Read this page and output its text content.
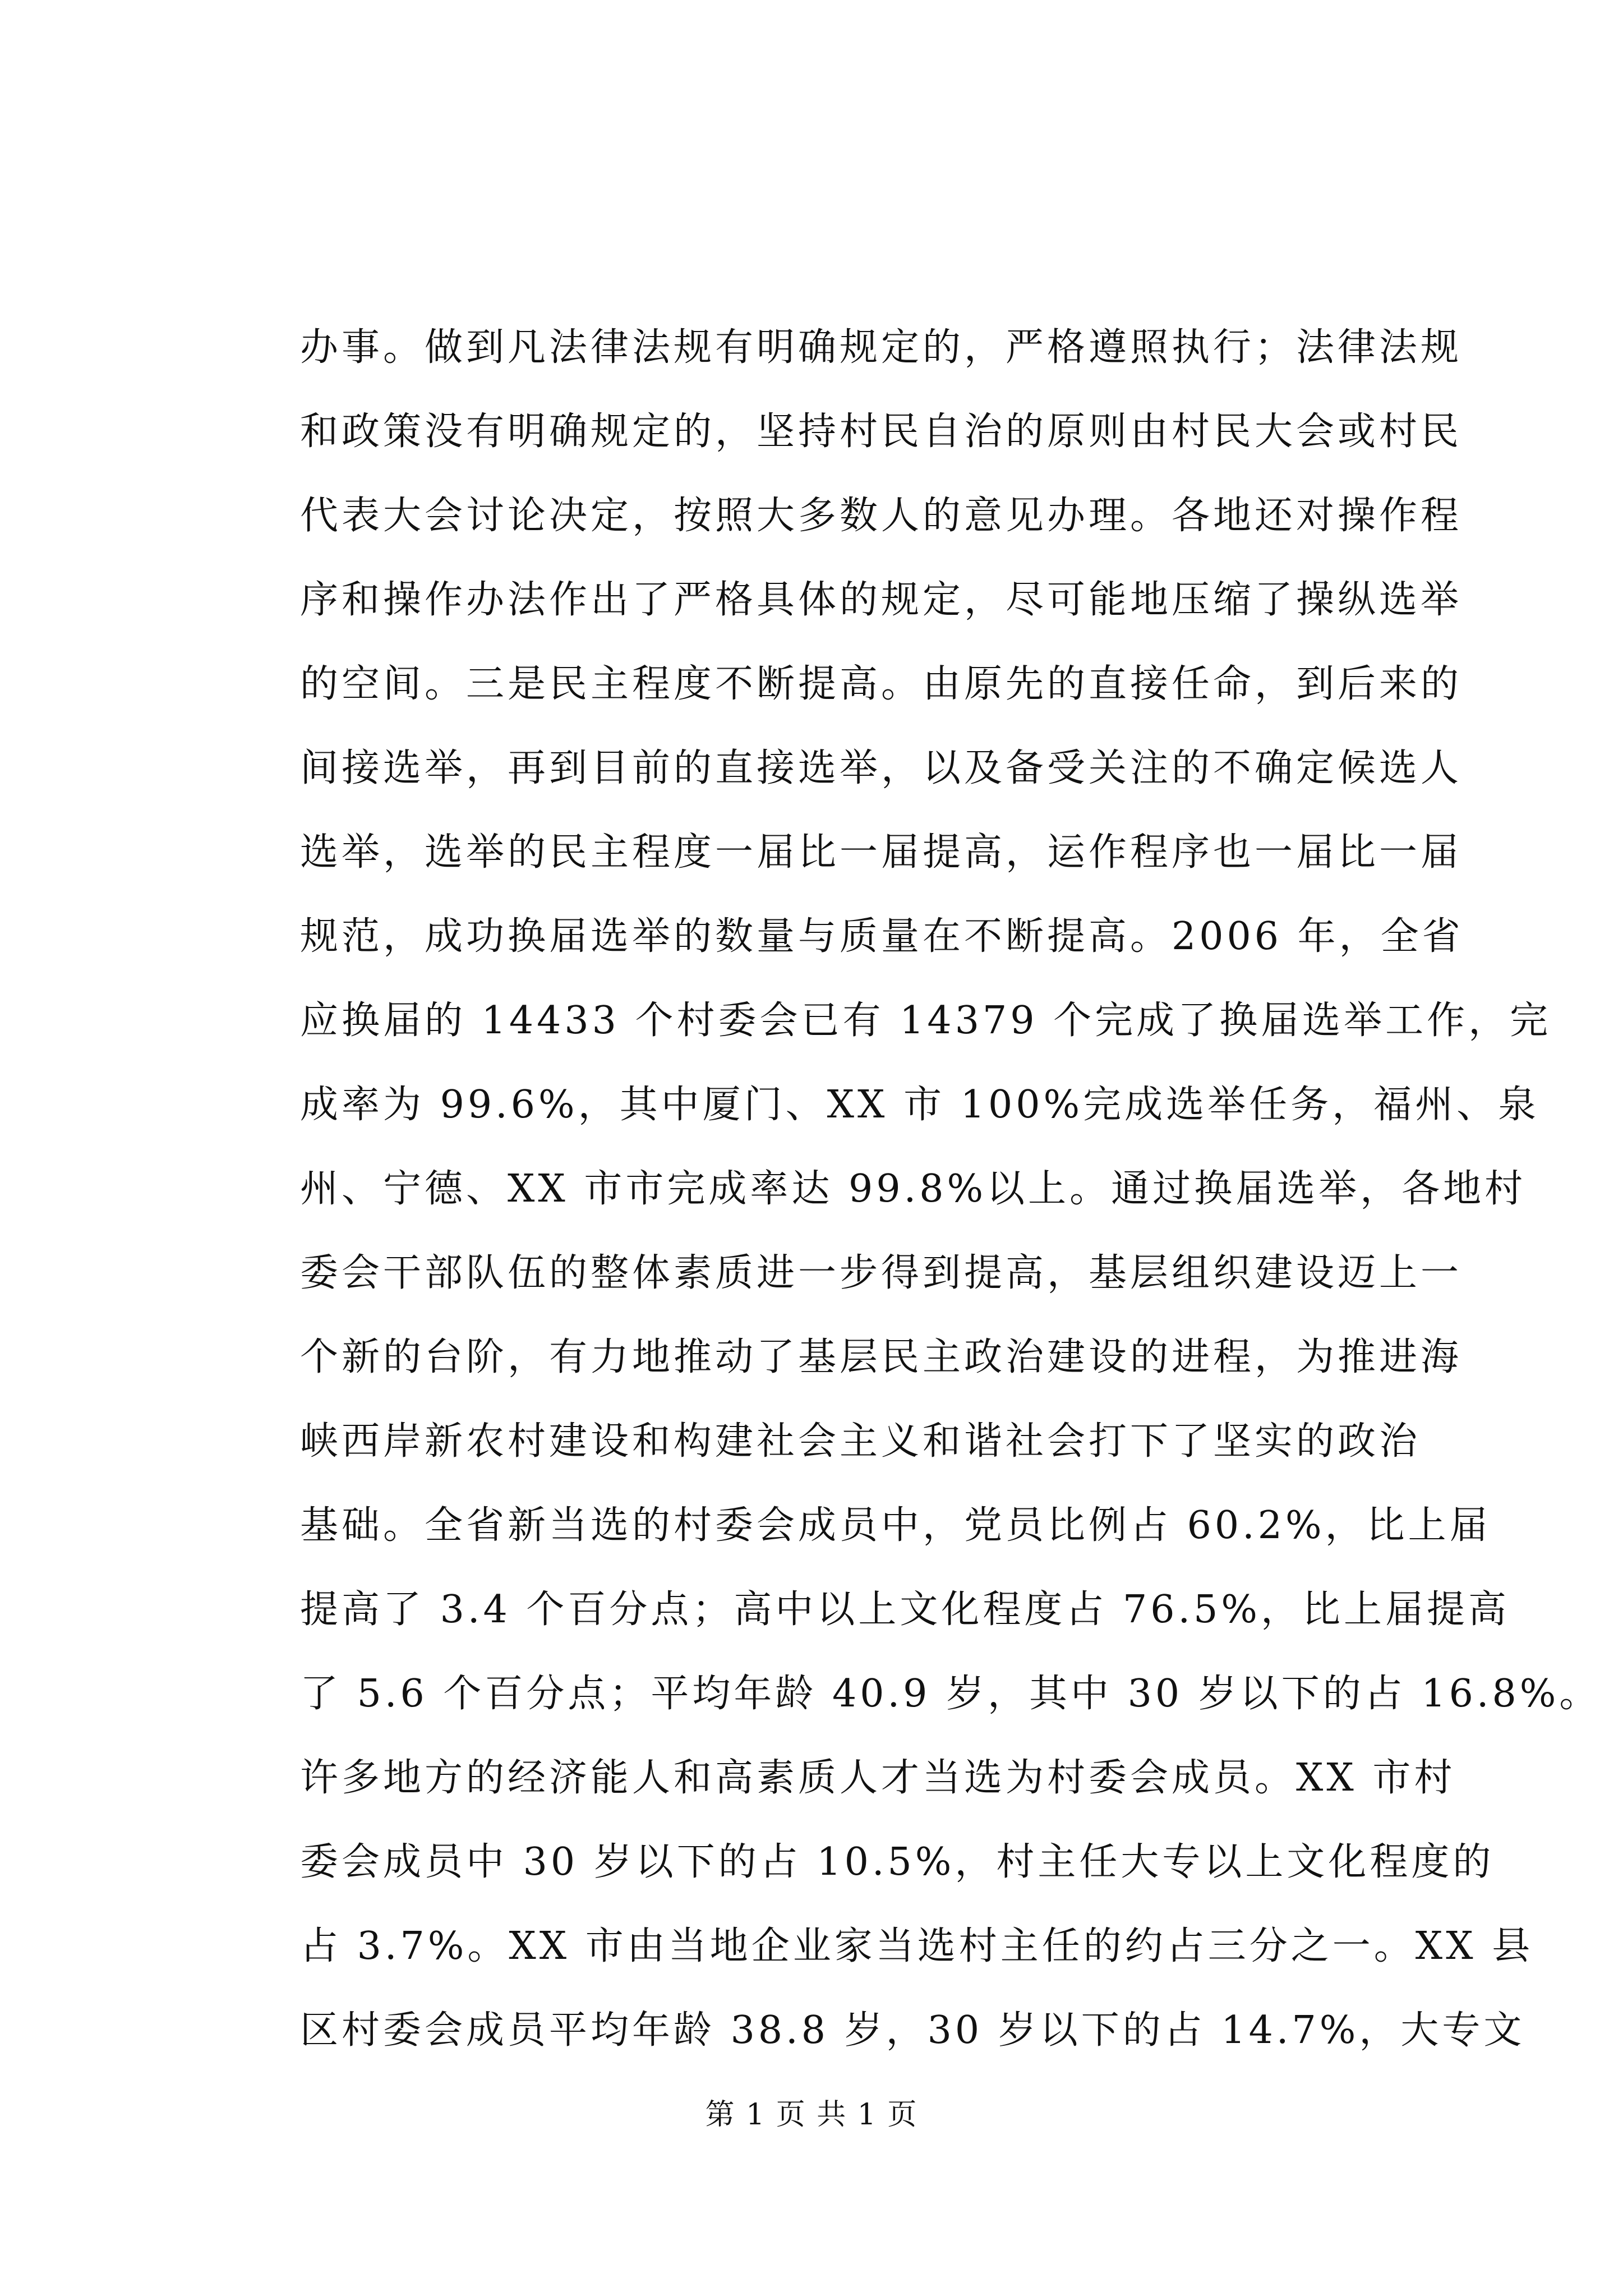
办事。做到凡法律法规有明确规定的，严格遵照执行；法律法规
和政策没有明确规定的，坚持村民自治的原则由村民大会或村民
代表大会讨论决定，按照大多数人的意见办理。各地还对操作程
序和操作办法作出了严格具体的规定，尽可能地压缩了操纵选举
的空间。三是民主程度不断提高。由原先的直接任命，到后来的
间接选举，再到目前的直接选举，以及备受关注的不确定候选人
选举，选举的民主程度一届比一届提高，运作程序也一届比一届
规范，成功换届选举的数量与质量在不断提高。2006 年，全省
应换届的 14433 个村委会已有 14379 个完成了换届选举工作，完
成率为 99.6%，其中厦门、XX 市 100%完成选举任务，福州、泉
州、宁德、XX 市市完成率达 99.8%以上。通过换届选举，各地村
委会干部队伍的整体素质进一步得到提高，基层组织建设迈上一
个新的台阶，有力地推动了基层民主政治建设的进程，为推进海
峡西岸新农村建设和构建社会主义和谐社会打下了坚实的政治
基础。全省新当选的村委会成员中，党员比例占 60.2%，比上届
提高了 3.4 个百分点；高中以上文化程度占 76.5%，比上届提高
了 5.6 个百分点；平均年龄 40.9 岁，其中 30 岁以下的占 16.8%。
许多地方的经济能人和高素质人才当选为村委会成员。XX 市村
委会成员中 30 岁以下的占 10.5%，村主任大专以上文化程度的
占 3.7%。XX 市由当地企业家当选村主任的约占三分之一。XX 县
区村委会成员平均年龄 38.8 岁，30 岁以下的占 14.7%，大专文
第 1 页 共 1 页
